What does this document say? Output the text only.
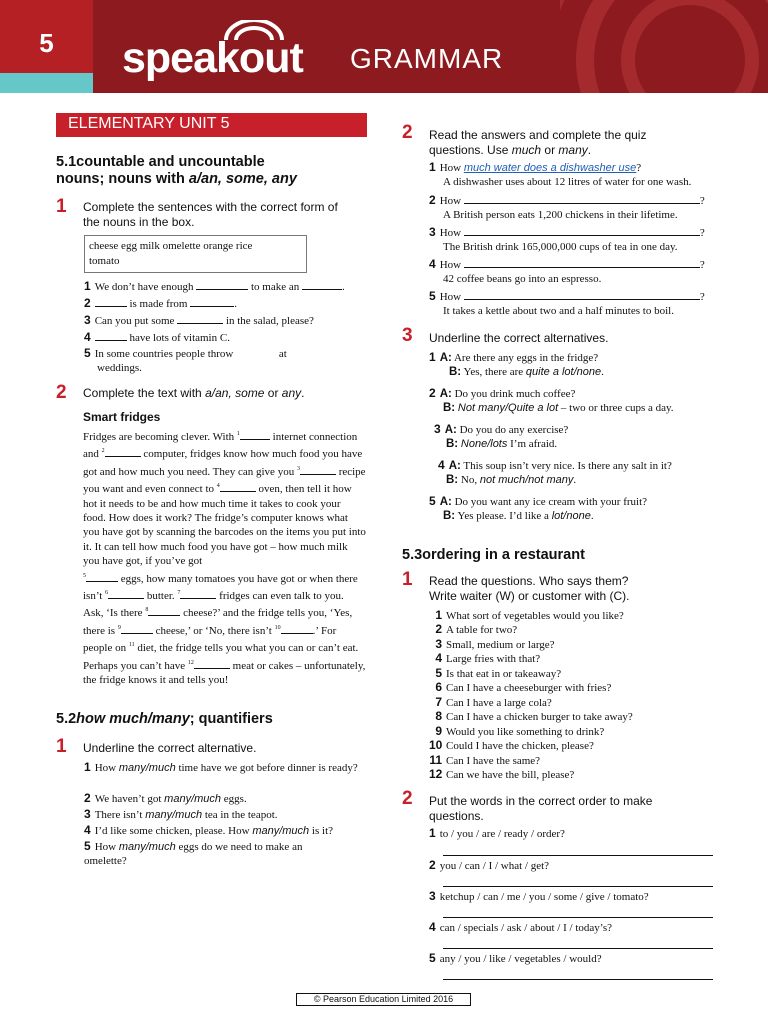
5	speakout GRAMMAR
ELEMENTARY UNIT 5
5.1countable and uncountable
nouns; nouns with a/an, some, any
1 Complete the sentences with the correct form of the nouns in the box.
cheese egg milk omelette orange rice
tomato
1 We don’t have enough	to make an	.
2	is made from	.
3 Can you put some	in the salad, please?
4	have lots of vitamin C.
5 In some countries people throw	at
weddings.
2 Complete the text with a/an, some or any.
Smart fridges
Fridges are becoming clever. With $^1$	internet connection and $^2$	computer, fridges know how much food you have got and how much you need. They can give you $^3$	recipe you want and even connect to $^4$	oven, then tell it how hot it needs to be and how much time it takes to cook your food. How does it work? The fridge’s computer knows what you have got by scanning the barcodes on the items you put into it. It can tell how much food you have got – how much milk you have got, if you’ve got
$^5$	eggs, how many tomatoes you have got or when there isn’t $^6$	butter. $^7$	fridges can even talk to you. Ask, ‘Is there $^8$	cheese?’ and the fridge tells you, ‘Yes, there is $^9$	cheese,’ or ‘No, there isn’t $^{10}$	.’ For people on $^{11}$ diet, the fridge tells you what you can or can’t eat. Perhaps you can’t have $^{12}$	meat or cakes – unfortunately, the fridge knows it and tells you!
5.2how much/many; quantifiers
1 Underline the correct alternative.
1 How many/much time have we got before dinner is ready?
2 We haven’t got many/much eggs.
3 There isn’t many/much tea in the teapot.
4 I’d like some chicken, please. How many/much is it?
5 How many/much eggs do we need to make an omelette?
2 Read the answers and complete the quiz questions. Use much or many.
1 How much water does a dishwasher use?
A dishwasher uses about 12 litres of water for one wash.
2 How	?
A British person eats 1,200 chickens in their lifetime.
3 How	?
The British drink 165,000,000 cups of tea in one day.
4 How	?
42 coffee beans go into an espresso.
5 How	?
It takes a kettle about two and a half minutes to boil.
3 Underline the correct alternatives.
1 A: Are there any eggs in the fridge?
B: Yes, there are quite a lot/none.
2 A: Do you drink much coffee?
B: Not many/Quite a lot – two or three cups a day.
3 A: Do you do any exercise?
B: None/lots I’m afraid.
4 A: This soup isn’t very nice. Is there any salt in it?
B: No, not much/not many.
5 A: Do you want any ice cream with your fruit?
B: Yes please. I’d like a lot/none.
5.3ordering in a restaurant
1 Read the questions. Who says them?
Write waiter (W) or customer with (C).
1 What sort of vegetables would you like?
2 A table for two?
3 Small, medium or large?
4 Large fries with that?
5 Is that eat in or takeaway?
6 Can I have a cheeseburger with fries?
7 Can I have a large cola?
8 Can I have a chicken burger to take away?
9 Would you like something to drink?
10 Could I have the chicken, please?
11 Can I have the same?
12 Can we have the bill, please?
2 Put the words in the correct order to make questions.
1 to / you / are / ready / order?
2 you / can / I / what / get?
3 ketchup / can / me / you / some / give / tomato?
4 can / specials / ask / about / I / today’s?
5 any / you / like / vegetables / would?
© Pearson Education Limited 2016
